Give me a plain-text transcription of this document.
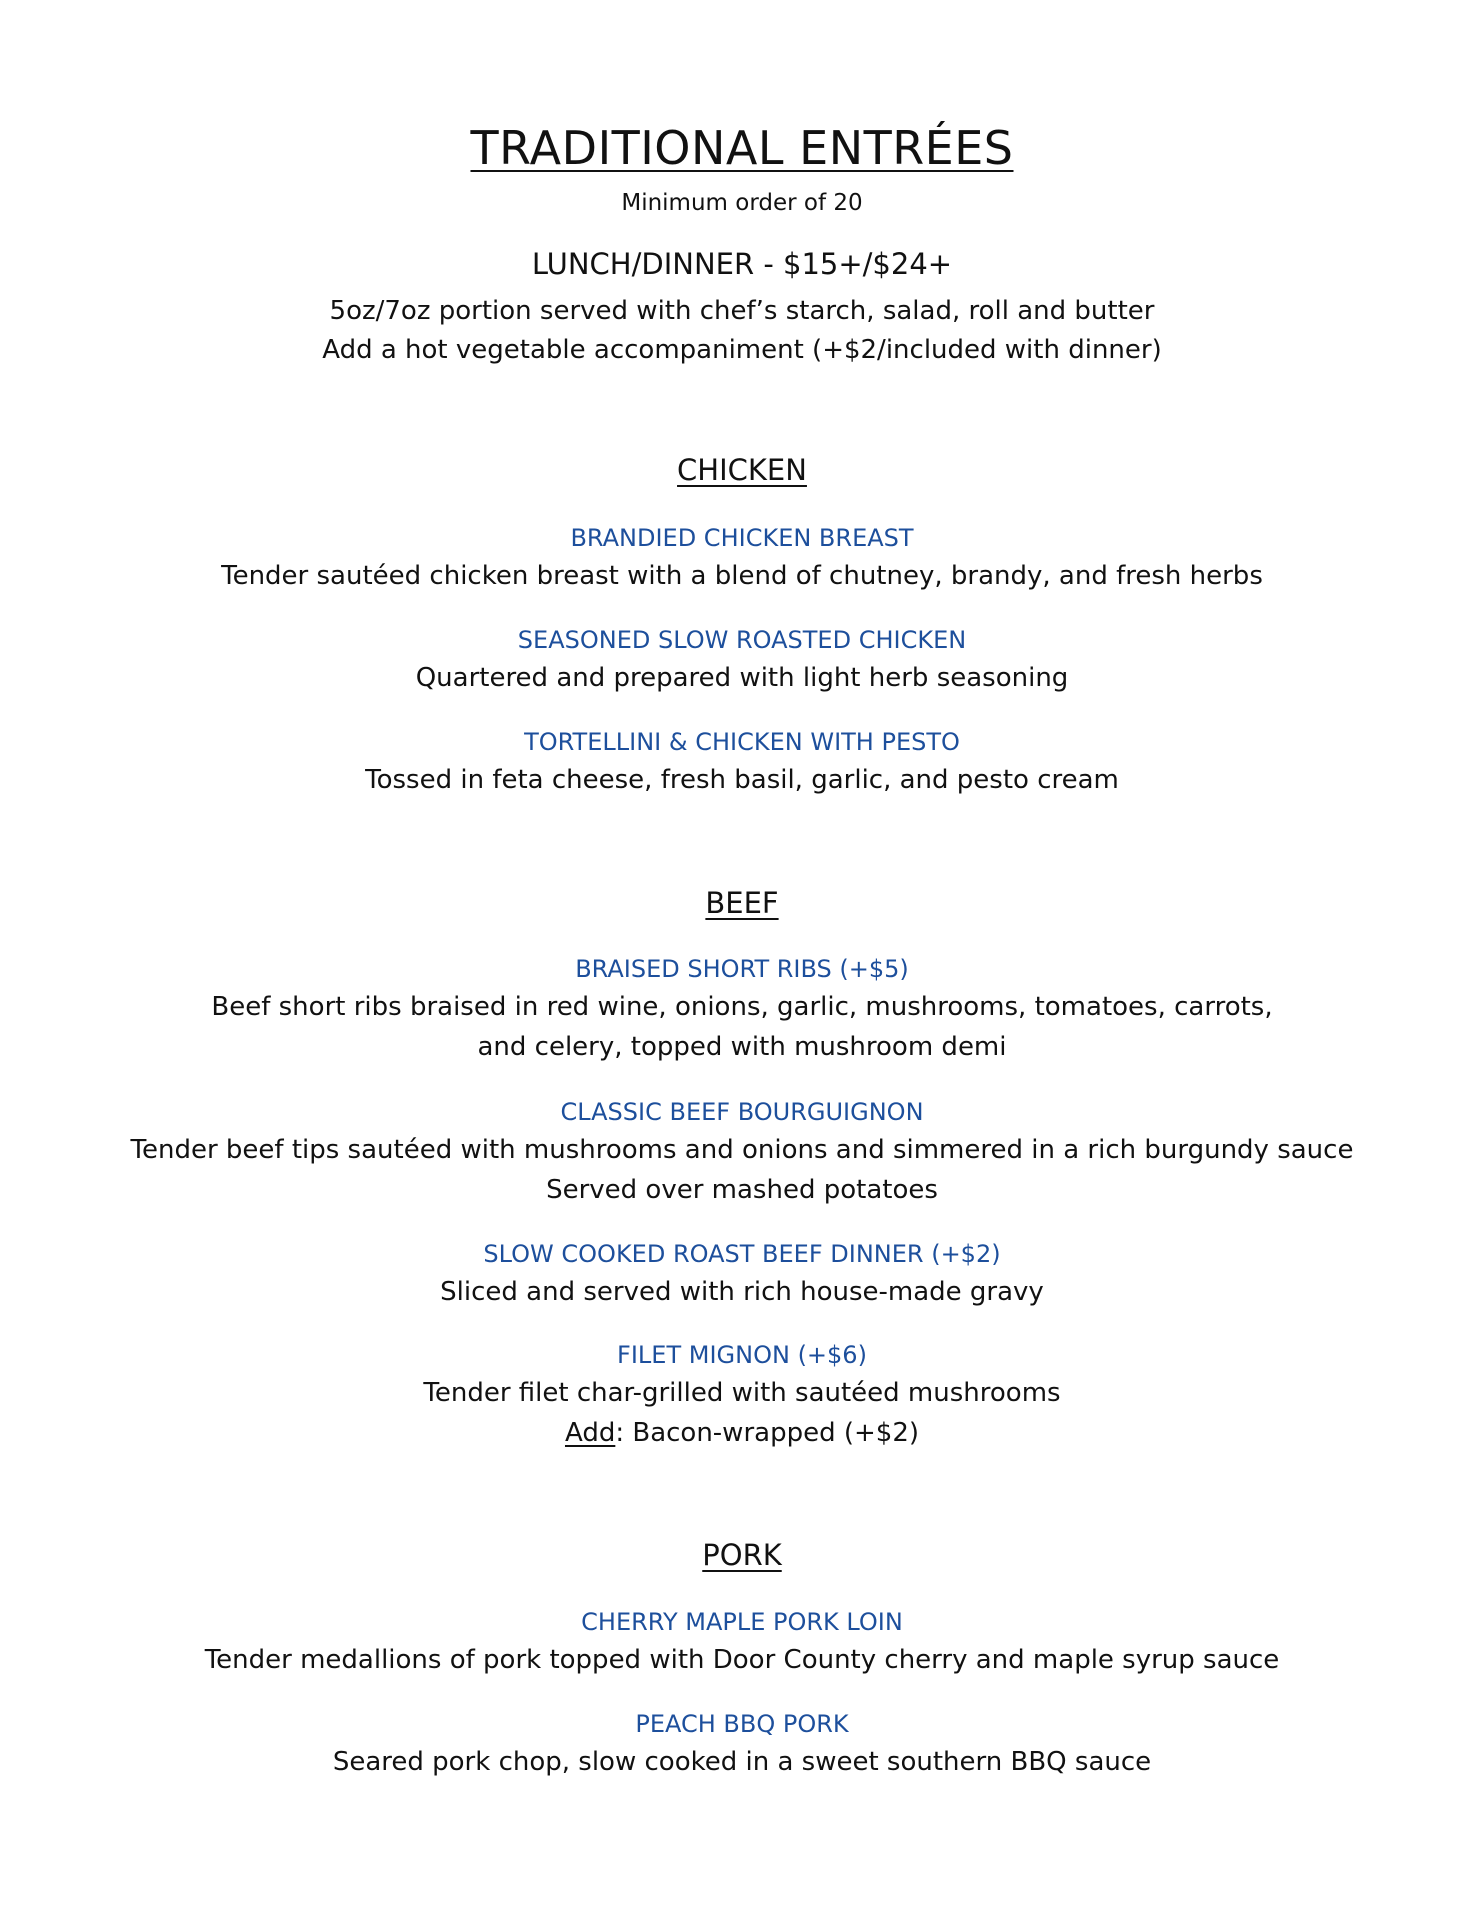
TRADITIONAL ENTRÉES
Minimum order of 20
LUNCH/DINNER - $15+/$24+
5oz/7oz portion served with chef’s starch, salad, roll and butter
Add a hot vegetable accompaniment (+$2/included with dinner)
CHICKEN
BRANDIED CHICKEN BREAST
Tender sautéed chicken breast with a blend of chutney, brandy, and fresh herbs
SEASONED SLOW ROASTED CHICKEN
Quartered and prepared with light herb seasoning
TORTELLINI & CHICKEN WITH PESTO
Tossed in feta cheese, fresh basil, garlic, and pesto cream
BEEF
BRAISED SHORT RIBS (+$5)
Beef short ribs braised in red wine, onions, garlic, mushrooms, tomatoes, carrots,
and celery, topped with mushroom demi
CLASSIC BEEF BOURGUIGNON
Tender beef tips sautéed with mushrooms and onions and simmered in a rich burgundy sauce
Served over mashed potatoes
SLOW COOKED ROAST BEEF DINNER (+$2)
Sliced and served with rich house-made gravy
FILET MIGNON (+$6)
Tender filet char-grilled with sautéed mushrooms
Add: Bacon-wrapped (+$2)
PORK
CHERRY MAPLE PORK LOIN
Tender medallions of pork topped with Door County cherry and maple syrup sauce
PEACH BBQ PORK
Seared pork chop, slow cooked in a sweet southern BBQ sauce
